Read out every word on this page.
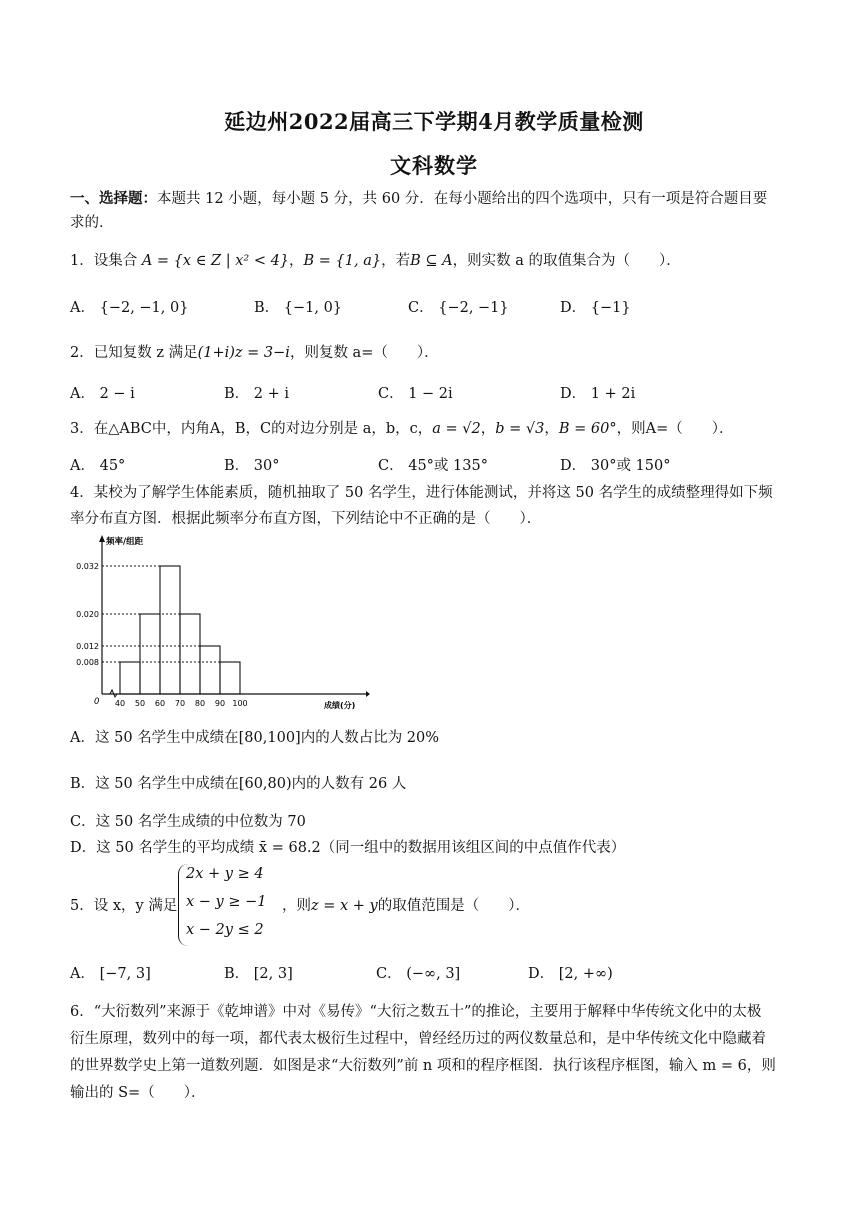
延边州2022届高三下学期4月教学质量检测
文科数学
一、选择题：本题共 12 小题，每小题 5 分，共 60 分．在每小题给出的四个选项中，只有一项是符合题目要
求的．
1．设集合 A = {x ∈ Z | x² < 4}，B = {1, a}，若B ⊆ A，则实数 a 的取值集合为（　　）．
A． {−2, −1, 0}	B． {−1, 0}	C． {−2, −1}	D． {−1}
2．已知复数 z 满足(1+i)z = 3−i，则复数 a=（　　）．
A． 2 − i	B． 2 + i	C． 1 − 2i	D． 1 + 2i
3．在△ABC中，内角A，B，C的对边分别是 a，b，c，a = √2，b = √3，B = 60°，则A=（　　）．
A． 45°	B． 30°	C． 45°或 135°	D． 30°或 150°
4．某校为了解学生体能素质，随机抽取了 50 名学生，进行体能测试，并将这 50 名学生的成绩整理得如下频
率分布直方图．根据此频率分布直方图，下列结论中不正确的是（　　）．
频率/组距
0
0.008
0.012
0.020
0.032
40 50 60 70 80 90 100	成绩(分)
A．这 50 名学生中成绩在[80,100]内的人数占比为 20%
B．这 50 名学生中成绩在[60,80)内的人数有 26 人
C．这 50 名学生成绩的中位数为 70
D．这 50 名学生的平均成绩 x̄ = 68.2（同一组中的数据用该组区间的中点值作代表）
5．设 x，y 满足
2x + y ≥ 4
x − y ≥ −1
x − 2y ≤ 2
，则z = x + y的取值范围是（　　）．
A． [−7, 3]	B． [2, 3]	C． (−∞, 3]	D． [2, +∞)
6．“大衍数列”来源于《乾坤谱》中对《易传》“大衍之数五十”的推论，主要用于解释中华传统文化中的太极
衍生原理，数列中的每一项，都代表太极衍生过程中，曾经经历过的两仪数量总和，是中华传统文化中隐藏着
的世界数学史上第一道数列题．如图是求“大衍数列”前 n 项和的程序框图．执行该程序框图，输入 m = 6，则
输出的 S=（　　）．
